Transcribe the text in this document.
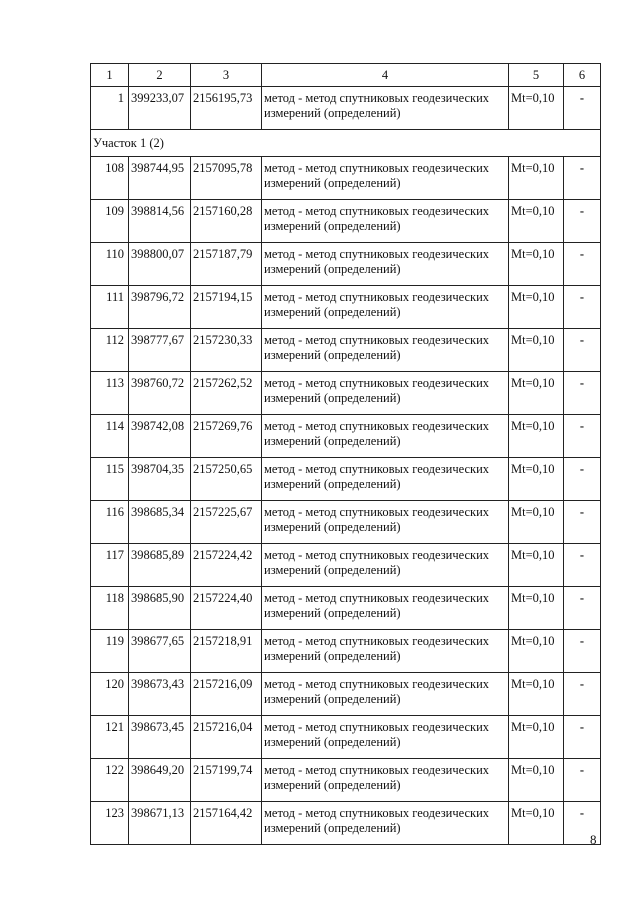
1	2	3	4	5	6
1	399233,07	2156195,73	метод - метод спутниковых геодезических измерений (определений)	Mt=0,10	-
Участок 1 (2)					
108	398744,95	2157095,78	метод - метод спутниковых геодезических измерений (определений)	Mt=0,10	-
109	398814,56	2157160,28	метод - метод спутниковых геодезических измерений (определений)	Mt=0,10	-
110	398800,07	2157187,79	метод - метод спутниковых геодезических измерений (определений)	Mt=0,10	-
111	398796,72	2157194,15	метод - метод спутниковых геодезических измерений (определений)	Mt=0,10	-
112	398777,67	2157230,33	метод - метод спутниковых геодезических измерений (определений)	Mt=0,10	-
113	398760,72	2157262,52	метод - метод спутниковых геодезических измерений (определений)	Mt=0,10	-
114	398742,08	2157269,76	метод - метод спутниковых геодезических измерений (определений)	Mt=0,10	-
115	398704,35	2157250,65	метод - метод спутниковых геодезических измерений (определений)	Mt=0,10	-
116	398685,34	2157225,67	метод - метод спутниковых геодезических измерений (определений)	Mt=0,10	-
117	398685,89	2157224,42	метод - метод спутниковых геодезических измерений (определений)	Mt=0,10	-
118	398685,90	2157224,40	метод - метод спутниковых геодезических измерений (определений)	Mt=0,10	-
119	398677,65	2157218,91	метод - метод спутниковых геодезических измерений (определений)	Mt=0,10	-
120	398673,43	2157216,09	метод - метод спутниковых геодезических измерений (определений)	Mt=0,10	-
121	398673,45	2157216,04	метод - метод спутниковых геодезических измерений (определений)	Mt=0,10	-
122	398649,20	2157199,74	метод - метод спутниковых геодезических измерений (определений)	Mt=0,10	-
123	398671,13	2157164,42	метод - метод спутниковых геодезических измерений (определений)	Mt=0,10	-
8
